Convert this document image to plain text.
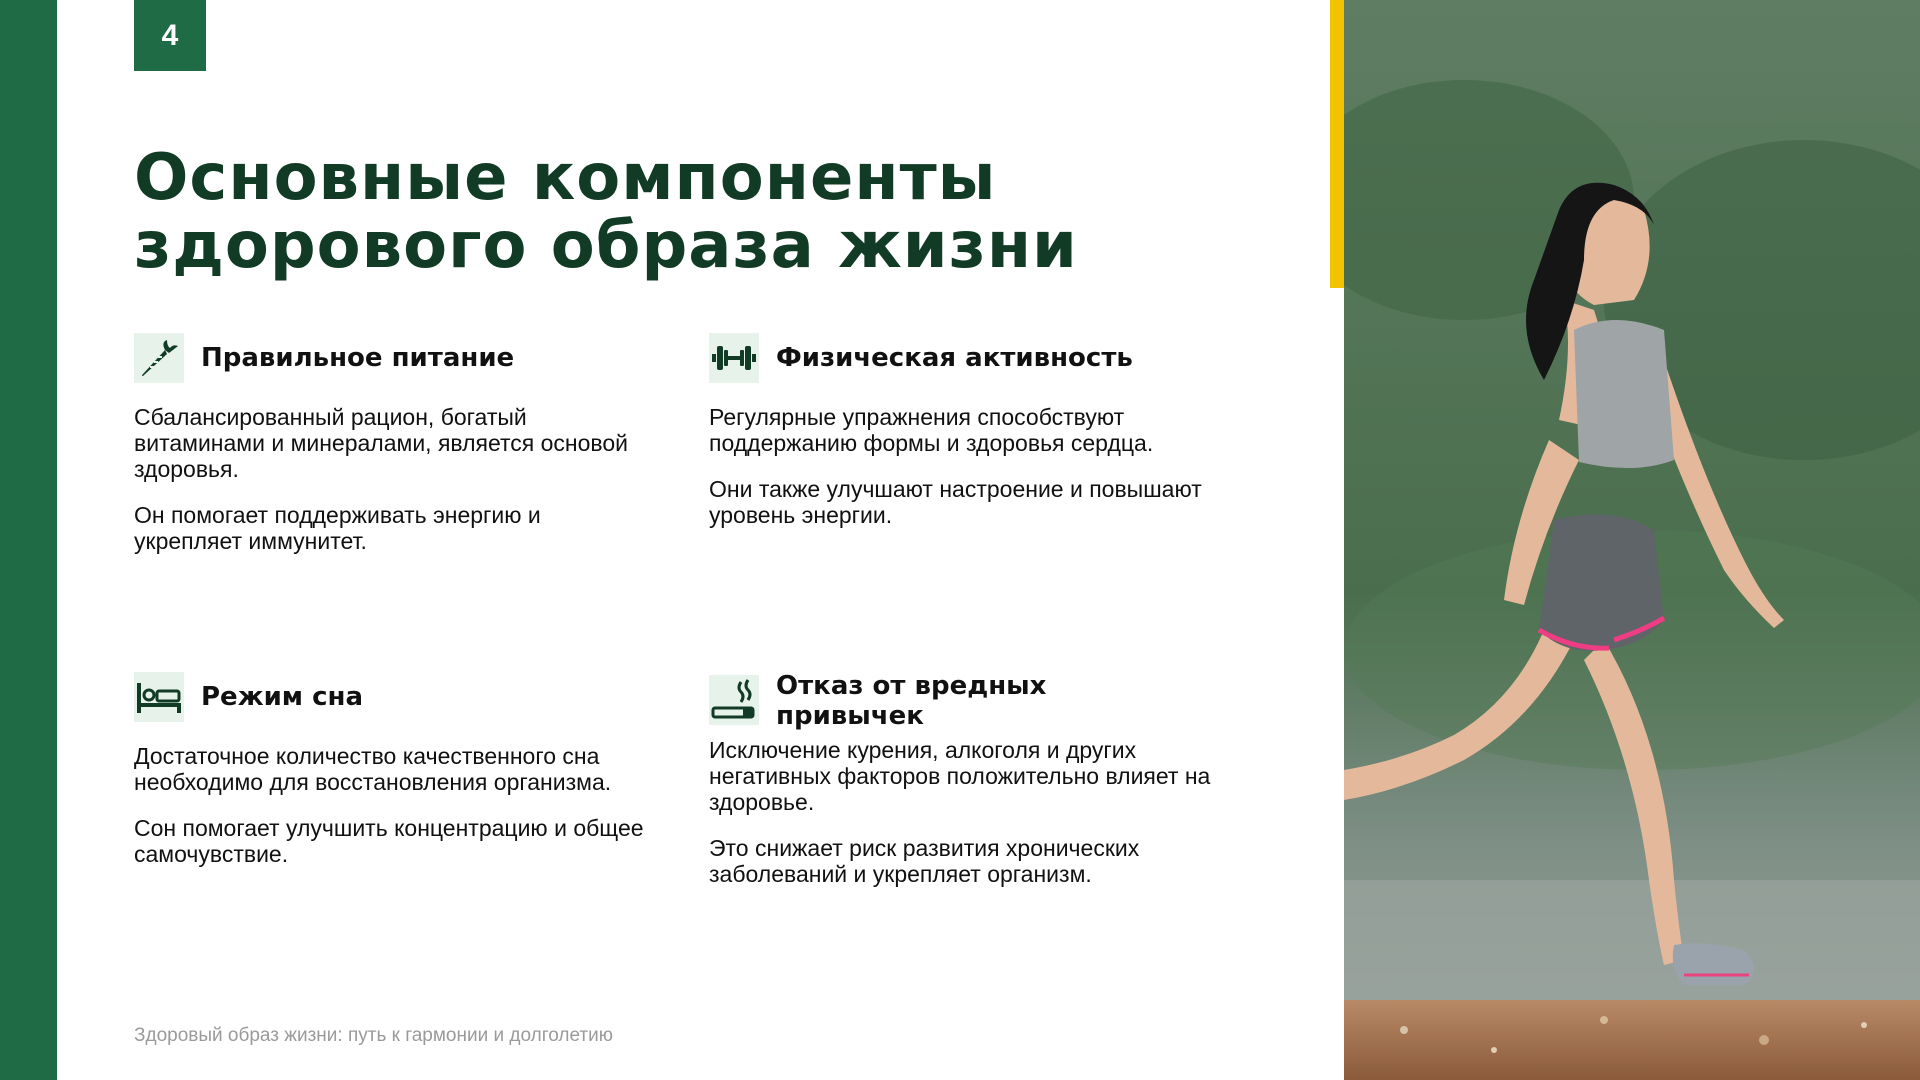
4
Основные компоненты
здорового образа жизни
Правильное питание

Сбалансированный рацион, богатый витаминами и минералами, является основой здоровья.

Он помогает поддерживать энергию и укрепляет иммунитет.

Физическая активность

Регулярные упражнения способствуют поддержанию формы и здоровья сердца.

Они также улучшают настроение и повышают уровень энергии.

Режим сна

Достаточное количество качественного сна необходимо для восстановления организма.

Сон помогает улучшить концентрацию и общее самочувствие.

Отказ от вредных привычек

Исключение курения, алкоголя и других негативных факторов положительно влияет на здоровье.

Это снижает риск развития хронических заболеваний и укрепляет организм.

Здоровый образ жизни: путь к гармонии и долголетию
